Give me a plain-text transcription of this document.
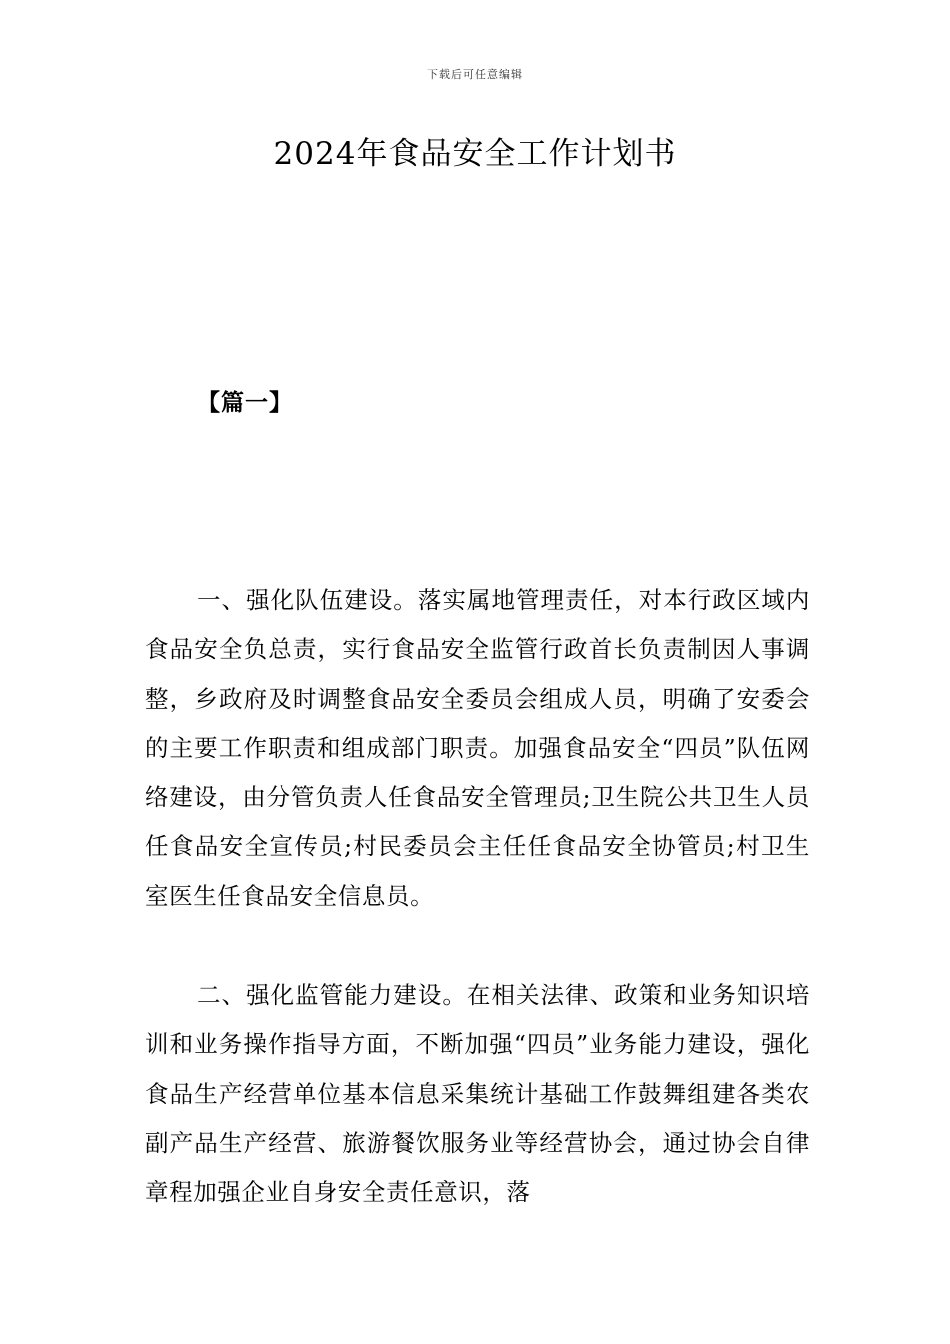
下载后可任意编辑
2024年食品安全工作计划书
【篇一】

一、强化队伍建设。落实属地管理责任，对本行政区域内食品安全负总责，实行食品安全监管行政首长负责制因人事调整，乡政府及时调整食品安全委员会组成人员，明确了安委会的主要工作职责和组成部门职责。加强食品安全“四员”队伍网络建设，由分管负责人任食品安全管理员;卫生院公共卫生人员任食品安全宣传员;村民委员会主任任食品安全协管员;村卫生室医生任食品安全信息员。

二、强化监管能力建设。在相关法律、政策和业务知识培训和业务操作指导方面，不断加强“四员”业务能力建设，强化食品生产经营单位基本信息采集统计基础工作鼓舞组建各类农副产品生产经营、旅游餐饮服务业等经营协会，通过协会自律章程加强企业自身安全责任意识，落
